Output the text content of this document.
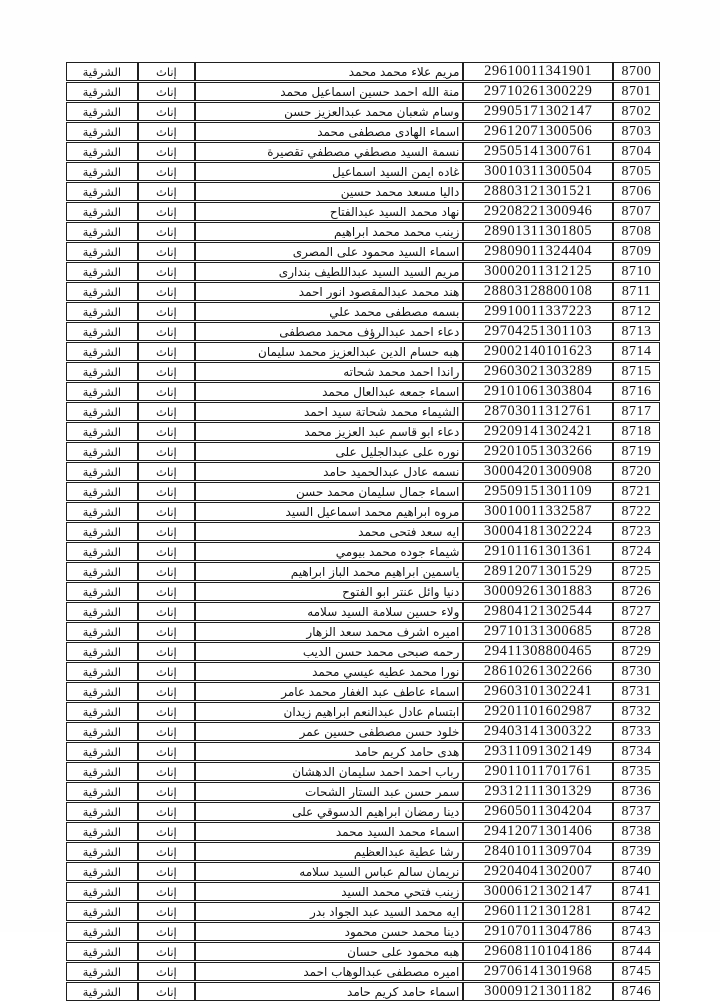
8700	29610011341901	مريم علاء محمد محمد	إناث	الشرقية
8701	29710261300229	منة الله احمد حسين اسماعيل محمد	إناث	الشرقية
8702	29905171302147	وسام شعبان محمد عبدالعزيز حسن	إناث	الشرقية
8703	29612071300506	اسماء الهادى مصطفى محمد	إناث	الشرقية
8704	29505141300761	نسمة السيد مصطفي مصطفي تقصيرة	إناث	الشرقية
8705	30010311300504	غاده ايمن السيد اسماعيل	إناث	الشرقية
8706	28803121301521	داليا مسعد محمد حسين	إناث	الشرقية
8707	29208221300946	نهاد محمد السيد عبدالفتاح	إناث	الشرقية
8708	28901311301805	زينب محمد محمد ابراهيم	إناث	الشرقية
8709	29809011324404	اسماء السيد محمود على المصرى	إناث	الشرقية
8710	30002011312125	مريم السيد السيد عبداللطيف بندارى	إناث	الشرقية
8711	28803128800108	هند محمد عبدالمقصود انور احمد	إناث	الشرقية
8712	29910011337223	بسمه مصطفى محمد علي	إناث	الشرقية
8713	29704251301103	دعاء احمد عبدالرؤف محمد مصطفى	إناث	الشرقية
8714	29002140101623	هبه حسام الدين عبدالعزيز محمد سليمان	إناث	الشرقية
8715	29603021303289	راندا احمد محمد شحاته	إناث	الشرقية
8716	29101061303804	اسماء جمعه عبدالعال محمد	إناث	الشرقية
8717	28703011312761	الشيماء محمد شحاتة سيد احمد	إناث	الشرقية
8718	29209141302421	دعاء ابو قاسم عبد العزيز محمد	إناث	الشرقية
8719	29201051303266	نوره على عبدالجليل على	إناث	الشرقية
8720	30004201300908	نسمه عادل عبدالحميد حامد	إناث	الشرقية
8721	29509151301109	اسماء جمال سليمان محمد حسن	إناث	الشرقية
8722	30010011332587	مروه ابراهيم محمد اسماعيل السيد	إناث	الشرقية
8723	30004181302224	ايه سعد فتحى محمد	إناث	الشرقية
8724	29101161301361	شيماء جوده محمد بيومي	إناث	الشرقية
8725	28912071301529	ياسمين ابراهيم محمد الباز ابراهيم	إناث	الشرقية
8726	30009261301883	دنيا وائل عنتر ابو الفتوح	إناث	الشرقية
8727	29804121302544	ولاء حسين سلامة السيد سلامه	إناث	الشرقية
8728	29710131300685	اميره اشرف محمد سعد الزهار	إناث	الشرقية
8729	29411308800465	رحمه صبحى محمد حسن الديب	إناث	الشرقية
8730	28610261302266	نورا محمد عطيه عيسي محمد	إناث	الشرقية
8731	29603101302241	اسماء عاطف عبد الغفار محمد عامر	إناث	الشرقية
8732	29201101602987	ابتسام عادل عبدالنعم ابراهيم زيدان	إناث	الشرقية
8733	29403141300322	خلود حسن مصطفى حسين عمر	إناث	الشرقية
8734	29311091302149	هدى حامد كريم حامد	إناث	الشرقية
8735	29011011701761	رباب احمد احمد سليمان الدهشان	إناث	الشرقية
8736	29312111301329	سمر حسن عبد الستار الشحات	إناث	الشرقية
8737	29605011304204	دينا رمضان ابراهيم الدسوقي على	إناث	الشرقية
8738	29412071301406	اسماء محمد السيد محمد	إناث	الشرقية
8739	28401011309704	رشا عطية عبدالعظيم	إناث	الشرقية
8740	29204041302007	نريمان سالم عباس السيد سلامه	إناث	الشرقية
8741	30006121302147	زينب فتحي محمد السيد	إناث	الشرقية
8742	29601121301281	ايه محمد السيد عبد الجواد بدر	إناث	الشرقية
8743	29107011304786	دينا محمد حسن محمود	إناث	الشرقية
8744	29608110104186	هبه محمود على حسان	إناث	الشرقية
8745	29706141301968	اميره مصطفى عبدالوهاب احمد	إناث	الشرقية
8746	30009121301182	اسماء حامد كريم حامد	إناث	الشرقية
